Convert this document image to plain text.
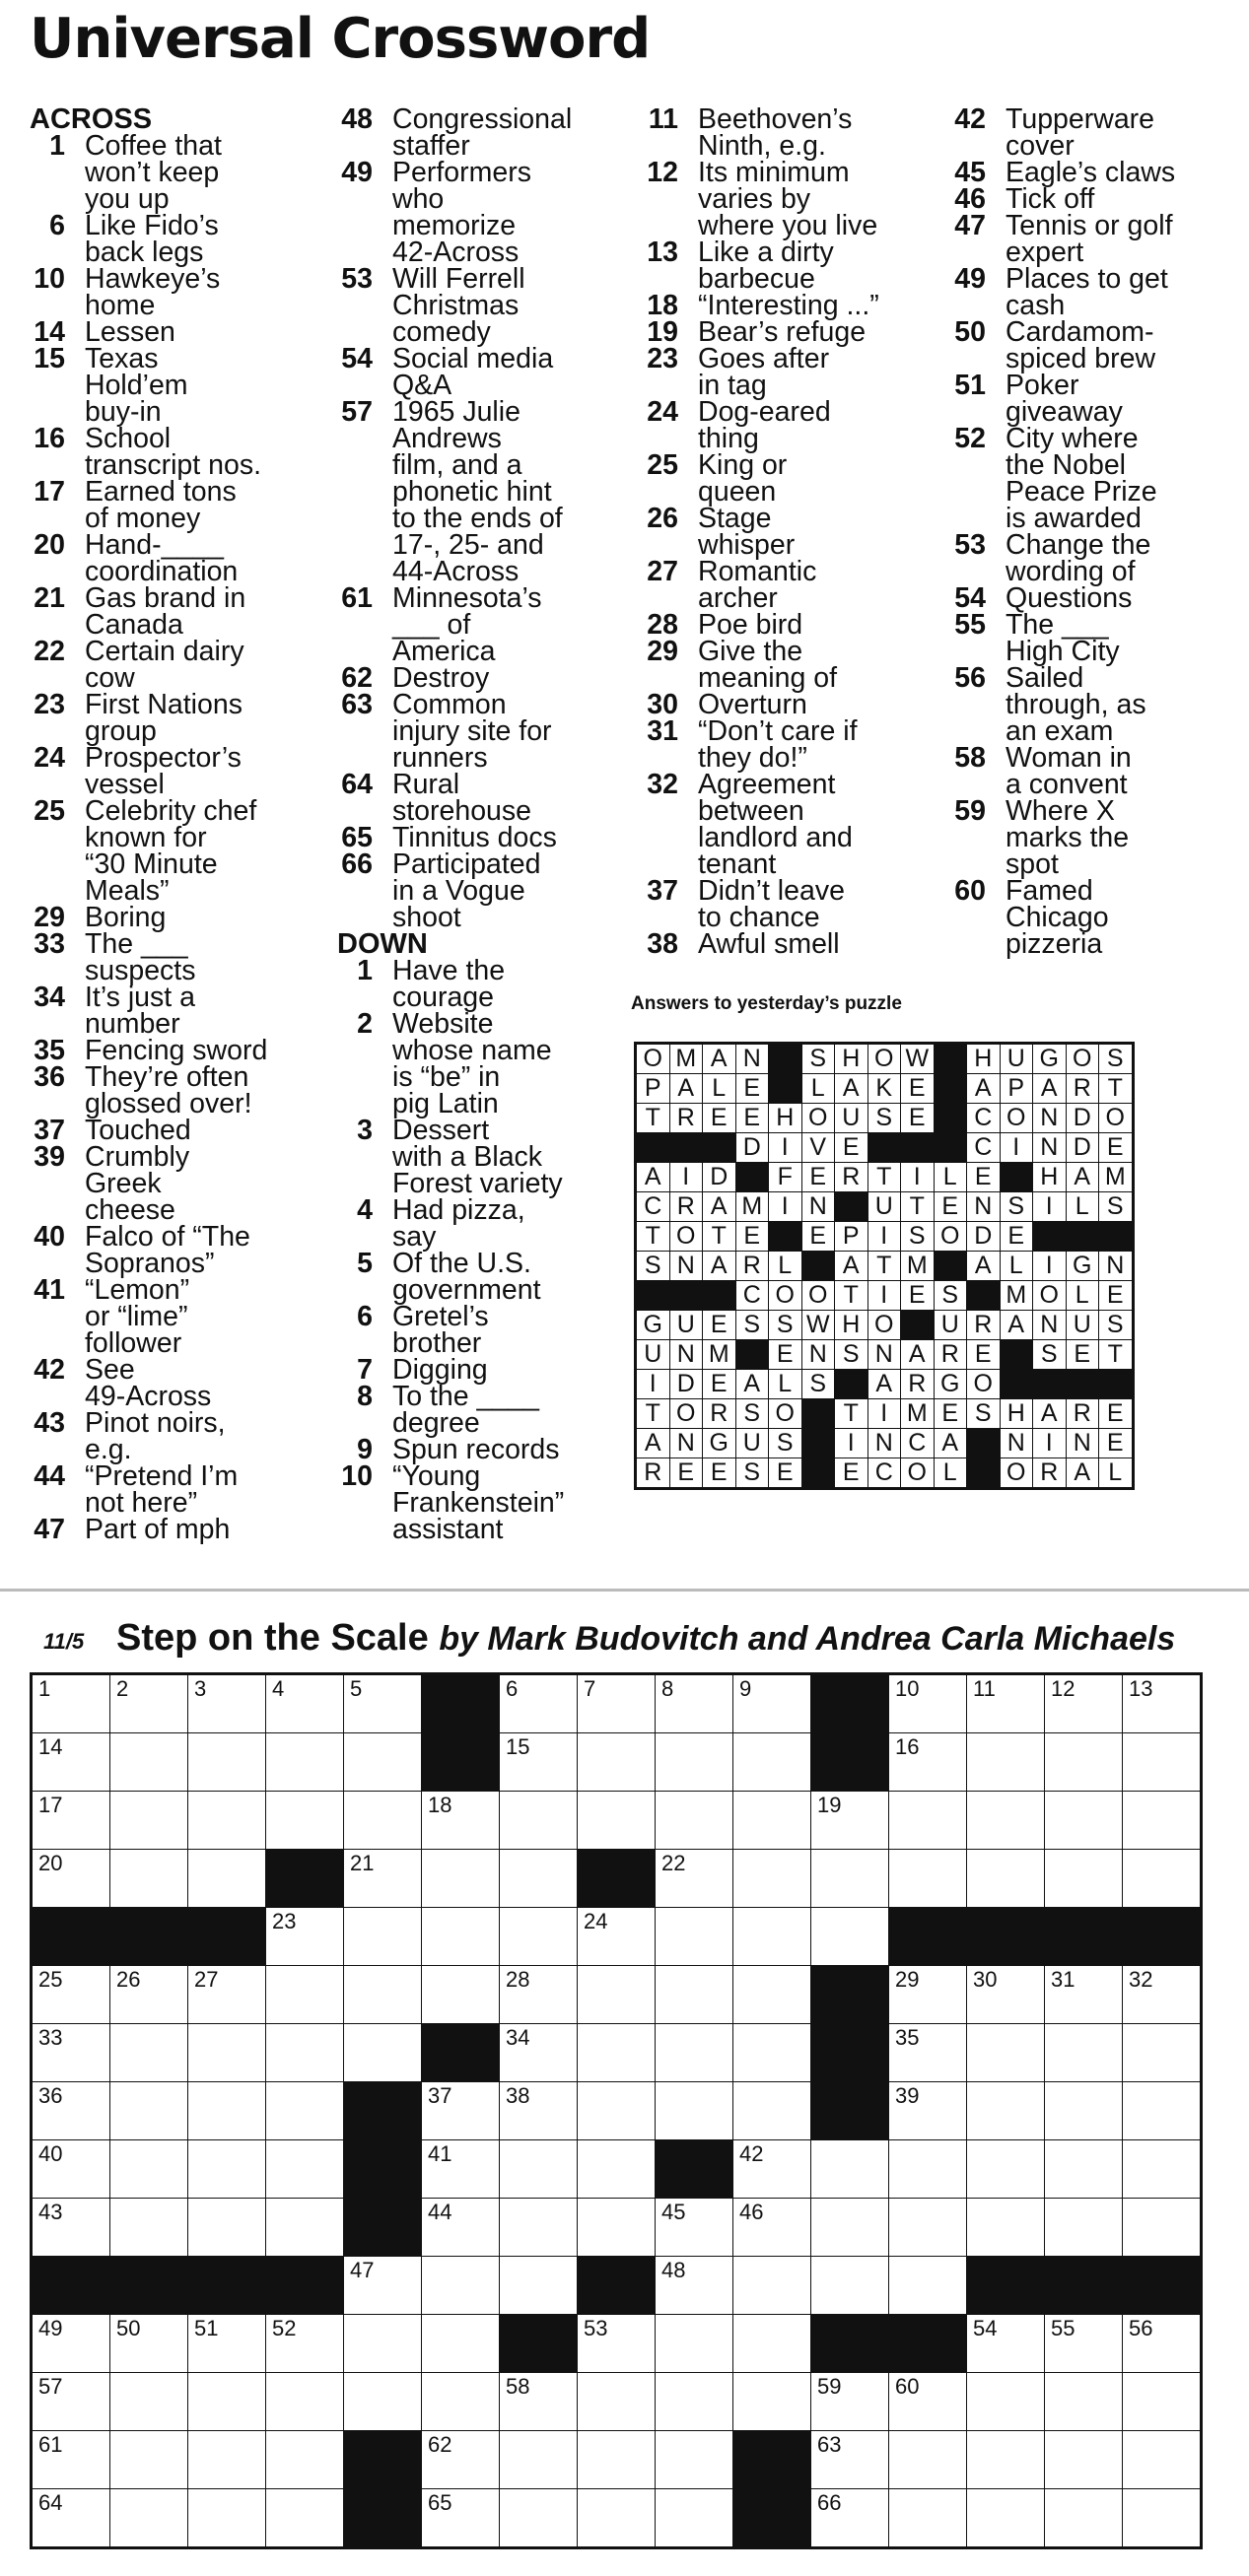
Universal Crossword
ACROSS
1 Coffee that
won’t keep
you up
6 Like Fido’s
back legs
10 Hawkeye’s
home
14 Lessen
15 Texas
Hold’em
buy-in
16 School
transcript nos.
17 Earned tons
of money
20 Hand-____
coordination
21 Gas brand in
Canada
22 Certain dairy
cow
23 First Nations
group
24 Prospector’s
vessel
25 Celebrity chef
known for
“30 Minute
Meals”
29 Boring
33 The ___
suspects
34 It’s just a
number
35 Fencing sword
36 They’re often
glossed over!
37 Touched
39 Crumbly
Greek
cheese
40 Falco of “The
Sopranos”
41 “Lemon”
or “lime”
follower
42 See
49-Across
43 Pinot noirs,
e.g.
44 “Pretend I’m
not here”
47 Part of mph
48 Congressional
staffer
49 Performers
who
memorize
42-Across
53 Will Ferrell
Christmas
comedy
54 Social media
Q&A
57 1965 Julie
Andrews
film, and a
phonetic hint
to the ends of
17-, 25- and
44-Across
61 Minnesota’s
___ of
America
62 Destroy
63 Common
injury site for
runners
64 Rural
storehouse
65 Tinnitus docs
66 Participated
in a Vogue
shoot
DOWN
1 Have the
courage
2 Website
whose name
is “be” in
pig Latin
3 Dessert
with a Black
Forest variety
4 Had pizza,
say
5 Of the U.S.
government
6 Gretel’s
brother
7 Digging
8 To the ____
degree
9 Spun records
10 “Young
Frankenstein”
assistant
11 Beethoven’s
Ninth, e.g.
12 Its minimum
varies by
where you live
13 Like a dirty
barbecue
18 “Interesting ...”
19 Bear’s refuge
23 Goes after
in tag
24 Dog-eared
thing
25 King or
queen
26 Stage
whisper
27 Romantic
archer
28 Poe bird
29 Give the
meaning of
30 Overturn
31 “Don’t care if
they do!”
32 Agreement
between
landlord and
tenant
37 Didn’t leave
to chance
38 Awful smell
42 Tupperware
cover
45 Eagle’s claws
46 Tick off
47 Tennis or golf
expert
49 Places to get
cash
50 Cardamom-
spiced brew
51 Poker
giveaway
52 City where
the Nobel
Peace Prize
is awarded
53 Change the
wording of
54 Questions
55 The ___
High City
56 Sailed
through, as
an exam
58 Woman in
a convent
59 Where X
marks the
spot
60 Famed
Chicago
pizzeria
Answers to yesterday’s puzzle
O	M	A	N		S	H	O	W		H	U	G	O	S
P	A	L	E		L	A	K	E		A	P	A	R	T
T	R	E	E	H	O	U	S	E		C	O	N	D	O
			D	I	V	E				C	I	N	D	E
A	I	D		F	E	R	T	I	L	E		H	A	M
C	R	A	M	I	N		U	T	E	N	S	I	L	S
T	O	T	E		E	P	I	S	O	D	E			
S	N	A	R	L		A	T	M		A	L	I	G	N
			C	O	O	T	I	E	S		M	O	L	E
G	U	E	S	S	W	H	O		U	R	A	N	U	S
U	N	M		E	N	S	N	A	R	E		S	E	T
I	D	E	A	L	S		A	R	G	O				
T	O	R	S	O		T	I	M	E	S	H	A	R	E
A	N	G	U	S		I	N	C	A		N	I	N	E
R	E	E	S	E		E	C	O	L		O	R	A	L
11/5 Step on the Scale by Mark Budovitch and Andrea Carla Michaels
1	2	3	4	5		6	7	8	9		10	11	12	13

14						15					16			

17					18					19				

20				21				22						

			23				24							

25	26	27				28					29	30	31	32

33						34					35			

36					37	38					39			

40					41				42					

43					44			45	46					

				47				48						

49	50	51	52				53					54	55	56

57						58				59	60			

61					62					63				

64					65					66				
